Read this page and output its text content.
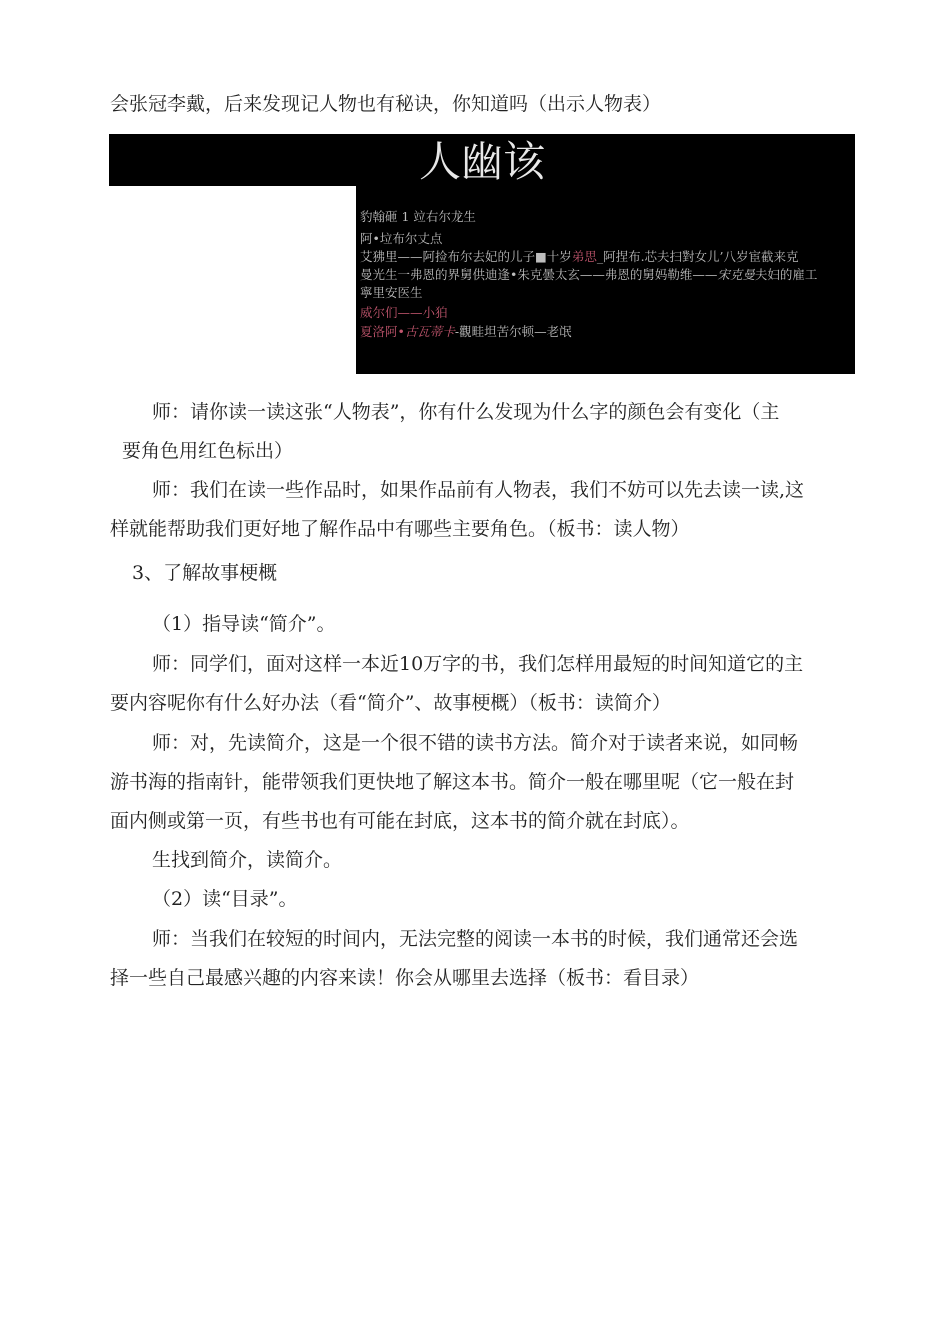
会张冠李戴，后来发现记人物也有秘诀，你知道吗（出示人物表）
人幽该
豹翰砸 1 竝右尔龙生
阿•垃布尔丈点
艾狒里——阿捡布尔去妃的儿子■十岁弟思_阿捏布.芯夫扫對女儿’八岁宦截来克
曼光生一弗恩的界舅供迪逢•朱克曇太玄——弗恩的舅妈勒维——宋克曼夫妇的雇工
寧里安医生
威尔们——小狛
夏洛阿•古瓦蒂卡-觀畦坦苦尔顿—老氓
师：请你读一读这张“人物表”，你有什么发现为什么字的颜色会有变化（主
要角色用红色标出）
师：我们在读一些作品时，如果作品前有人物表，我们不妨可以先去读一读,这
样就能帮助我们更好地了解作品中有哪些主要角色。（板书：读人物）
3、了解故事梗概
（1）指导读“简介”。
师：同学们，面对这样一本近10万字的书，我们怎样用最短的时间知道它的主
要内容呢你有什么好办法（看“简介”、故事梗概）（板书：读简介）
师：对，先读简介，这是一个很不错的读书方法。简介对于读者来说，如同畅
游书海的指南针，能带领我们更快地了解这本书。简介一般在哪里呢（它一般在封
面内侧或第一页，有些书也有可能在封底，这本书的简介就在封底）。
生找到简介，读简介。
（2）读“目录”。
师：当我们在较短的时间内，无法完整的阅读一本书的时候，我们通常还会选
择一些自己最感兴趣的内容来读！你会从哪里去选择（板书：看目录）
